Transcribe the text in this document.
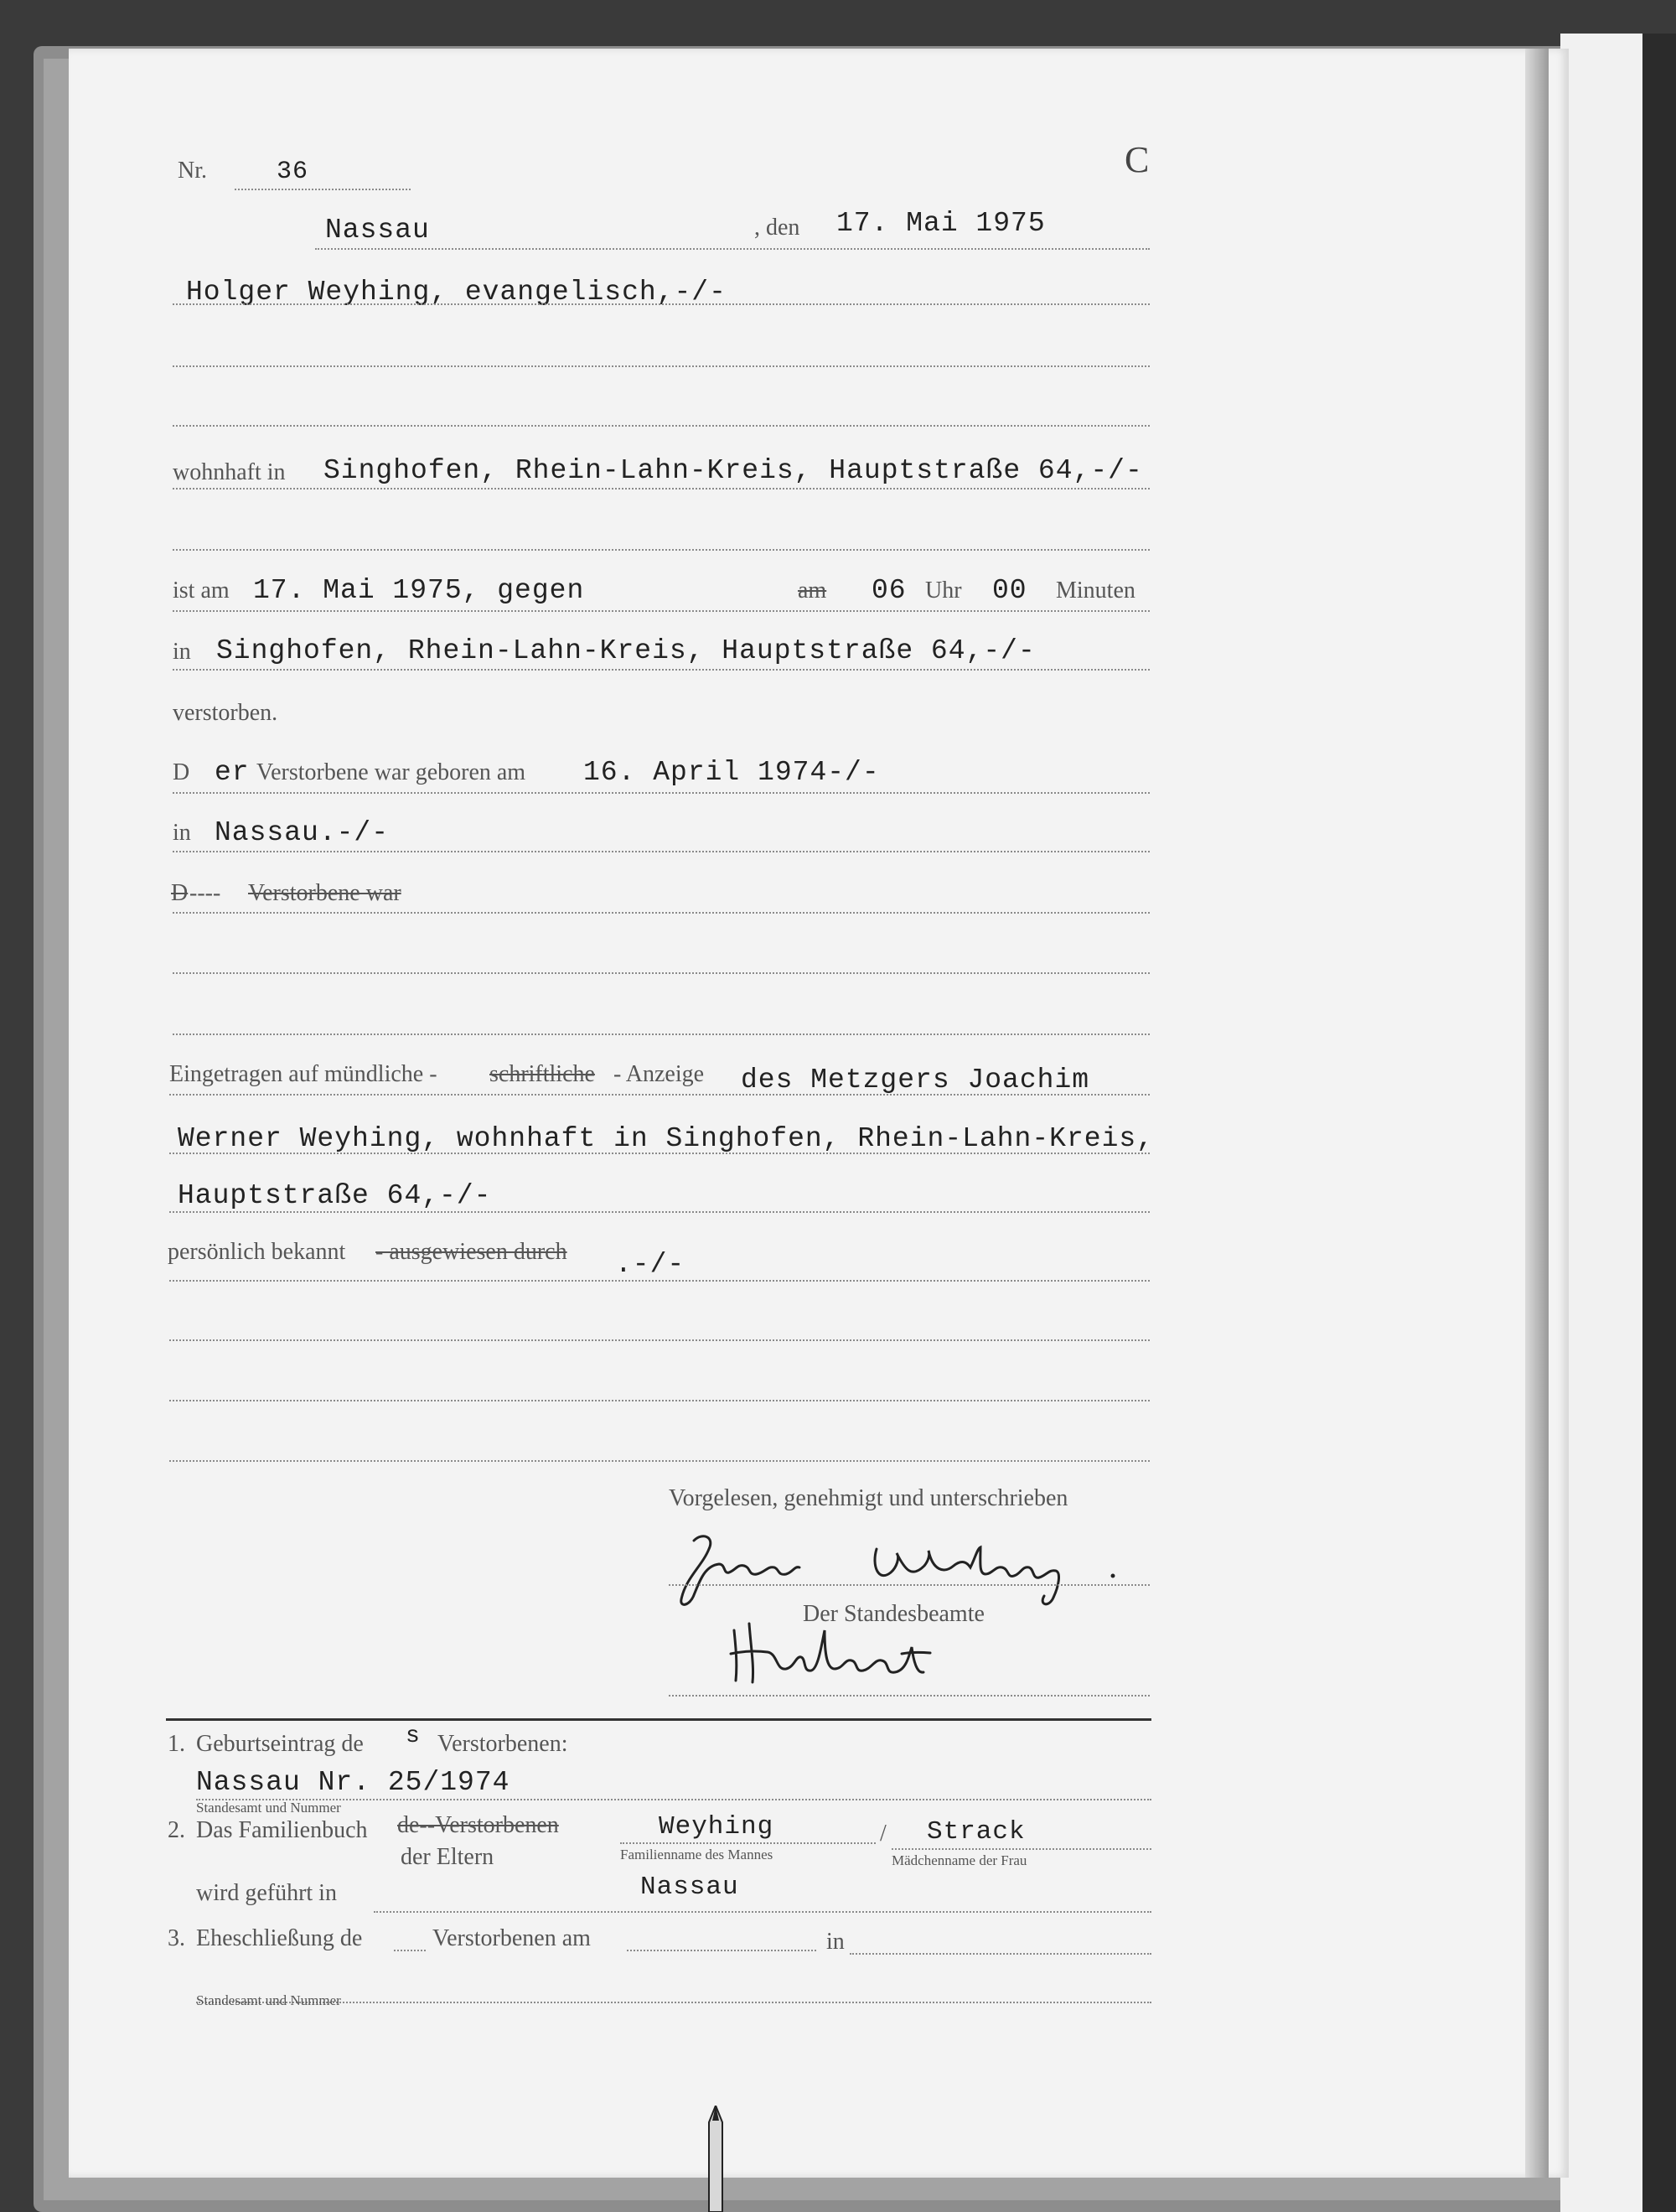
Nr.	36	C
Nassau	, den 17. Mai 1975
Holger Weyhing, evangelisch,-/-
wohnhaft in Singhofen, Rhein-Lahn-Kreis, Hauptstraße 64,-/-
ist am 17. Mai 1975, gegen	am 06 Uhr 00 Minuten
in Singhofen, Rhein-Lahn-Kreis, Hauptstraße 64,-/-
verstorben.
D er Verstorbene war geboren am 16. April 1974-/-
in Nassau.-/-
D ---- Verstorbene war
Eingetragen auf mündliche - schriftliche - Anzeige des Metzgers Joachim
Werner Weyhing, wohnhaft in Singhofen, Rhein-Lahn-Kreis,
Hauptstraße 64,-/-
persönlich bekannt - ausgewiesen durch .-/-
Vorgelesen, genehmigt und unterschrieben
Der Standesbeamte
1. Geburtseintrag de s Verstorbenen:
Nassau Nr. 25/1974
Standesamt und Nummer
2. Das Familienbuch de--Verstorbenen
der Eltern
Weyhing
Familienname des Mannes
/ Strack
Mädchenname der Frau
wird geführt in	Nassau
3. Eheschließung de	Verstorbenen am	in
Standesamt und Nummer
